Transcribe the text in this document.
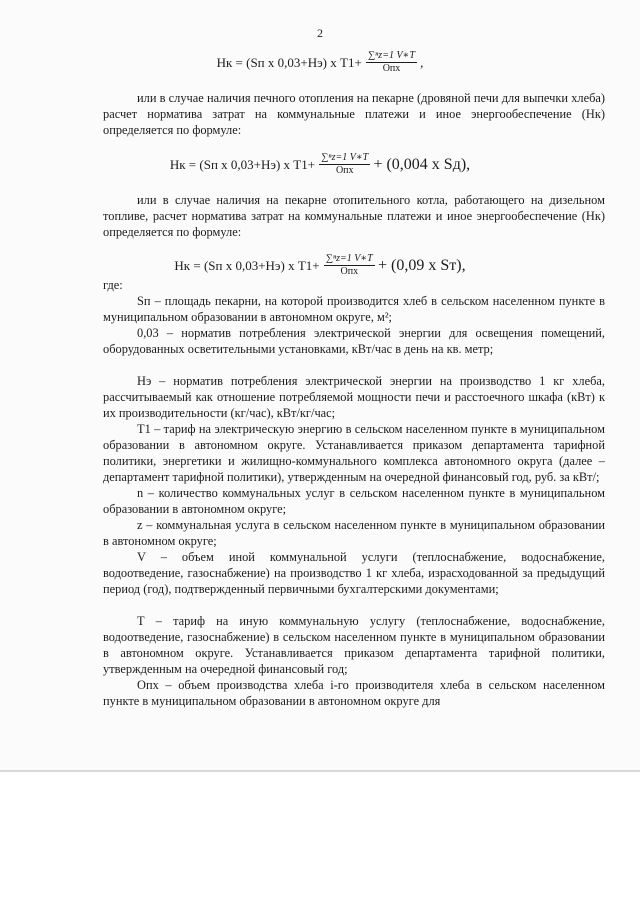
2
Нк = (Sп х 0,03+Нэ) х $Т1+ \frac{\text{∑ⁿz=1 V∗T}}{\text{Oпх}}$ ,
или в случае наличия печного отопления на пекарне (дровяной печи для выпечки хлеба) расчет норматива затрат на коммунальные платежи и иное энергообеспечение (Нк) определяется по формуле:
Нк = (Sп х 0,03+Нэ) х $Т1+ \frac{\text{∑ⁿz=1 V∗T}}{\text{Oпх}} + (0,004$ х Sд),
или в случае наличия на пекарне отопительного котла, работающего на дизельном топливе, расчет норматива затрат на коммунальные платежи и иное энергообеспечение (Нк) определяется по формуле:
Нк = (Sп х 0,03+Нэ) х $Т1+ \frac{\text{∑ⁿz=1 V∗T}}{\text{Oпх}} + (0,09$ х Sт),
где:
Sп – площадь пекарни, на которой производится хлеб в сельском населенном пункте в муниципальном образовании в автономном округе, м²;
0,03 – норматив потребления электрической энергии для освещения помещений, оборудованных осветительными установками, кВт/час в день на кв. метр;
Нэ – норматив потребления электрической энергии на производство 1 кг хлеба, рассчитываемый как отношение потребляемой мощности печи и расстоечного шкафа (кВт) к их производительности (кг/час), кВт/кг/час;
Т1 – тариф на электрическую энергию в сельском населенном пункте в муниципальном образовании в автономном округе. Устанавливается приказом департамента тарифной политики, энергетики и жилищно-коммунального комплекса автономного округа (далее – департамент тарифной политики), утвержденным на очередной финансовый год, руб. за кВт/;
n – количество коммунальных услуг в сельском населенном пункте в муниципальном образовании в автономном округе;
z – коммунальная услуга в сельском населенном пункте в муниципальном образовании в автономном округе;
V – объем иной коммунальной услуги (теплоснабжение, водоснабжение, водоотведение, газоснабжение) на производство 1 кг хлеба, израсходованной за предыдущий период (год), подтвержденный первичными бухгалтерскими документами;
Т – тариф на иную коммунальную услугу (теплоснабжение, водоснабжение, водоотведение, газоснабжение) в сельском населенном пункте в муниципальном образовании в автономном округе. Устанавливается приказом департамента тарифной политики, утвержденным на очередной финансовый год;
Опх – объем производства хлеба i-го производителя хлеба в сельском населенном пункте в муниципальном образовании в автономном округе для
